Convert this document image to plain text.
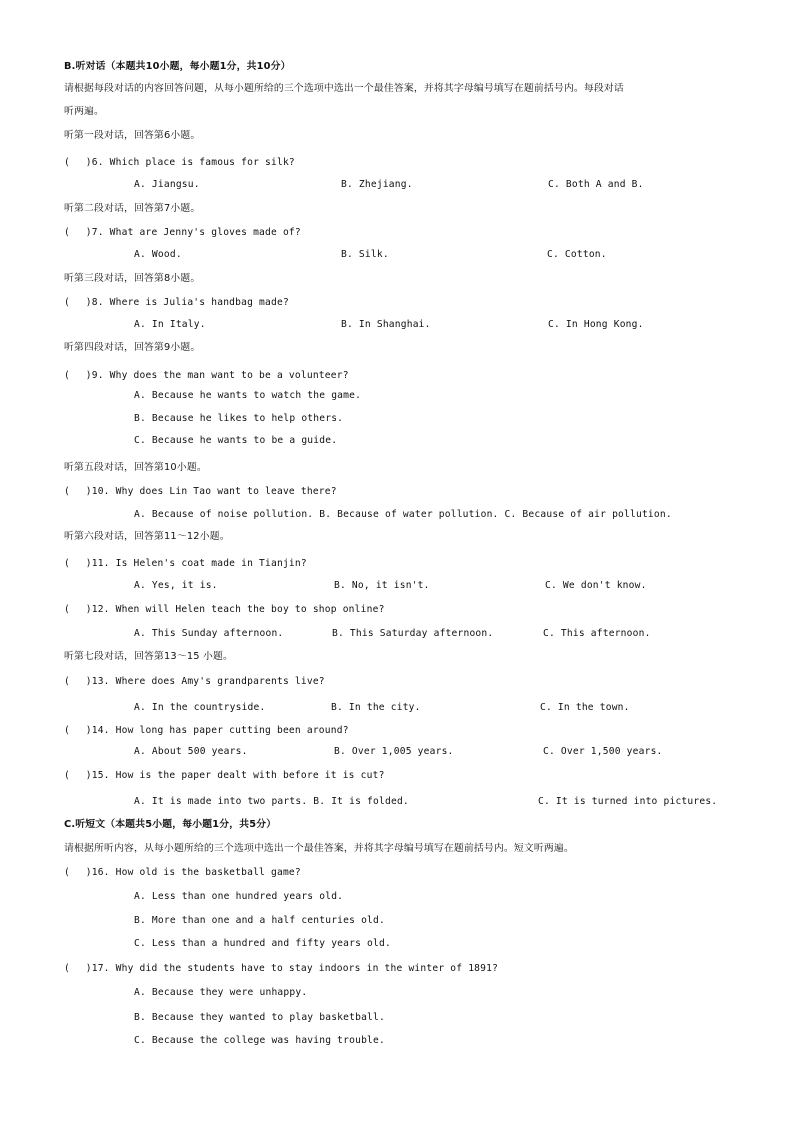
B.听对话（本题共10小题，每小题1分，共10分）
请根据每段对话的内容回答问题，从每小题所给的三个选项中选出一个最佳答案，并将其字母编号填写在题前括号内。每段对话
听两遍。
听第一段对话，回答第6小题。
(　 )6. Which place is famous for silk?
A. Jiangsu.	B. Zhejiang.	C. Both A and B.
听第二段对话，回答第7小题。
(　 )7. What are Jenny's gloves made of?
A. Wood.	B. Silk.	C. Cotton.
听第三段对话，回答第8小题。
(　 )8. Where is Julia's handbag made?
A. In Italy.	B. In Shanghai.	C. In Hong Kong.
听第四段对话，回答第9小题。
(　 )9. Why does the man want to be a volunteer?
A. Because he wants to watch the game.
B. Because he likes to help others.
C. Because he wants to be a guide.
听第五段对话，回答第10小题。
(　 )10. Why does Lin Tao want to leave there?
A. Because of noise pollution. B. Because of water pollution. C. Because of air pollution.
听第六段对话，回答第11～12小题。
(　 )11. Is Helen's coat made in Tianjin?
A. Yes, it is.	B. No, it isn't.	C. We don't know.
(　 )12. When will Helen teach the boy to shop online?
A. This Sunday afternoon.	B. This Saturday afternoon.	C. This afternoon.
听第七段对话，回答第13～15 小题。
(　 )13. Where does Amy's grandparents live?
A. In the countryside.	B. In the city.	C. In the town.
(　 )14. How long has paper cutting been around?
A. About 500 years.	B. Over 1,005 years.	C. Over 1,500 years.
(　 )15. How is the paper dealt with before it is cut?
A. It is made into two parts. B. It is folded.	C. It is turned into pictures.
C.听短文（本题共5小题，每小题1分，共5分）
请根据所听内容，从每小题所给的三个选项中选出一个最佳答案，并将其字母编号填写在题前括号内。短文听两遍。
(　 )16. How old is the basketball game?
A. Less than one hundred years old.
B. More than one and a half centuries old.
C. Less than a hundred and fifty years old.
(　 )17. Why did the students have to stay indoors in the winter of 1891?
A. Because they were unhappy.
B. Because they wanted to play basketball.
C. Because the college was having trouble.
